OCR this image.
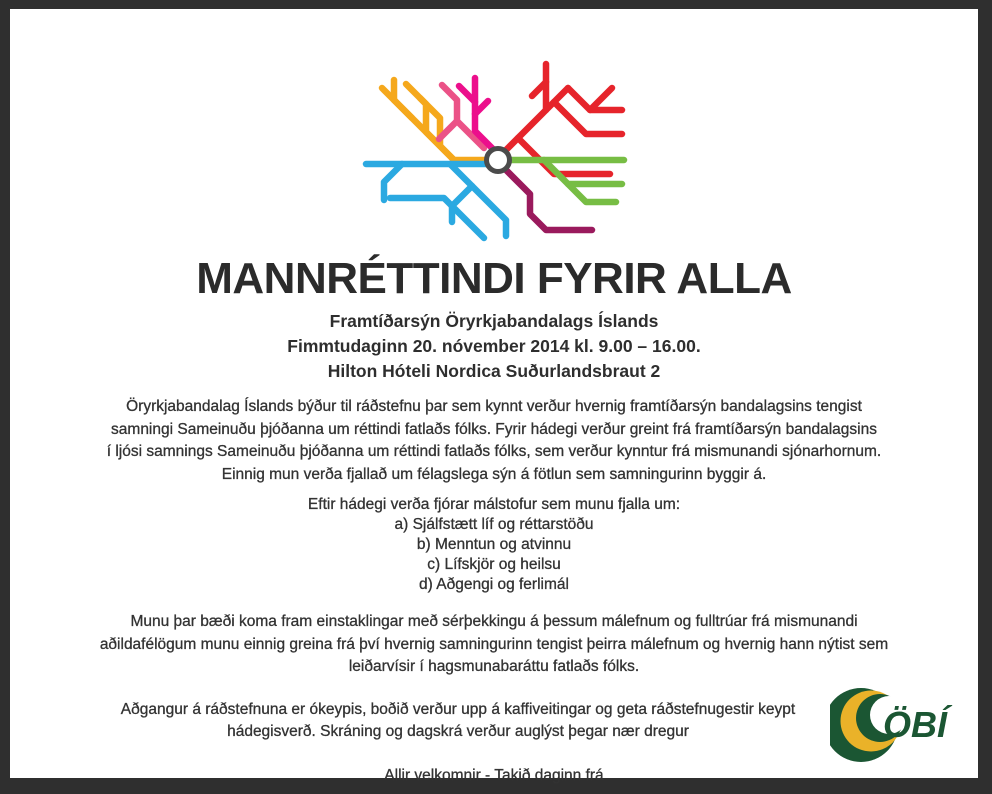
MANNRÉTTINDI FYRIR ALLA
Framtíðarsýn Öryrkjabandalags Íslands
Fimmtudaginn 20. nóvember 2014 kl. 9.00 – 16.00.
Hilton Hóteli Nordica Suðurlandsbraut 2
Öryrkjabandalag Íslands býður til ráðstefnu þar sem kynnt verður hvernig framtíðarsýn bandalagsins tengist
samningi Sameinuðu þjóðanna um réttindi fatlaðs fólks. Fyrir hádegi verður greint frá framtíðarsýn bandalagsins
í ljósi samnings Sameinuðu þjóðanna um réttindi fatlaðs fólks, sem verður kynntur frá mismunandi sjónarhornum.
Einnig mun verða fjallað um félagslega sýn á fötlun sem samningurinn byggir á.
Eftir hádegi verða fjórar málstofur sem munu fjalla um:
a) Sjálfstætt líf og réttarstöðu
b) Menntun og atvinnu
c) Lífskjör og heilsu
d) Aðgengi og ferlimál
Munu þar bæði koma fram einstaklingar með sérþekkingu á þessum málefnum og fulltrúar frá mismunandi
aðildafélögum munu einnig greina frá því hvernig samningurinn tengist þeirra málefnum og hvernig hann nýtist sem
leiðarvísir í hagsmunabaráttu fatlaðs fólks.
Aðgangur á ráðstefnuna er ókeypis, boðið verður upp á kaffiveitingar og geta ráðstefnugestir keypt
hádegisverð. Skráning og dagskrá verður auglýst þegar nær dregur
Allir velkomnir - Takið daginn frá
ÖBÍ
